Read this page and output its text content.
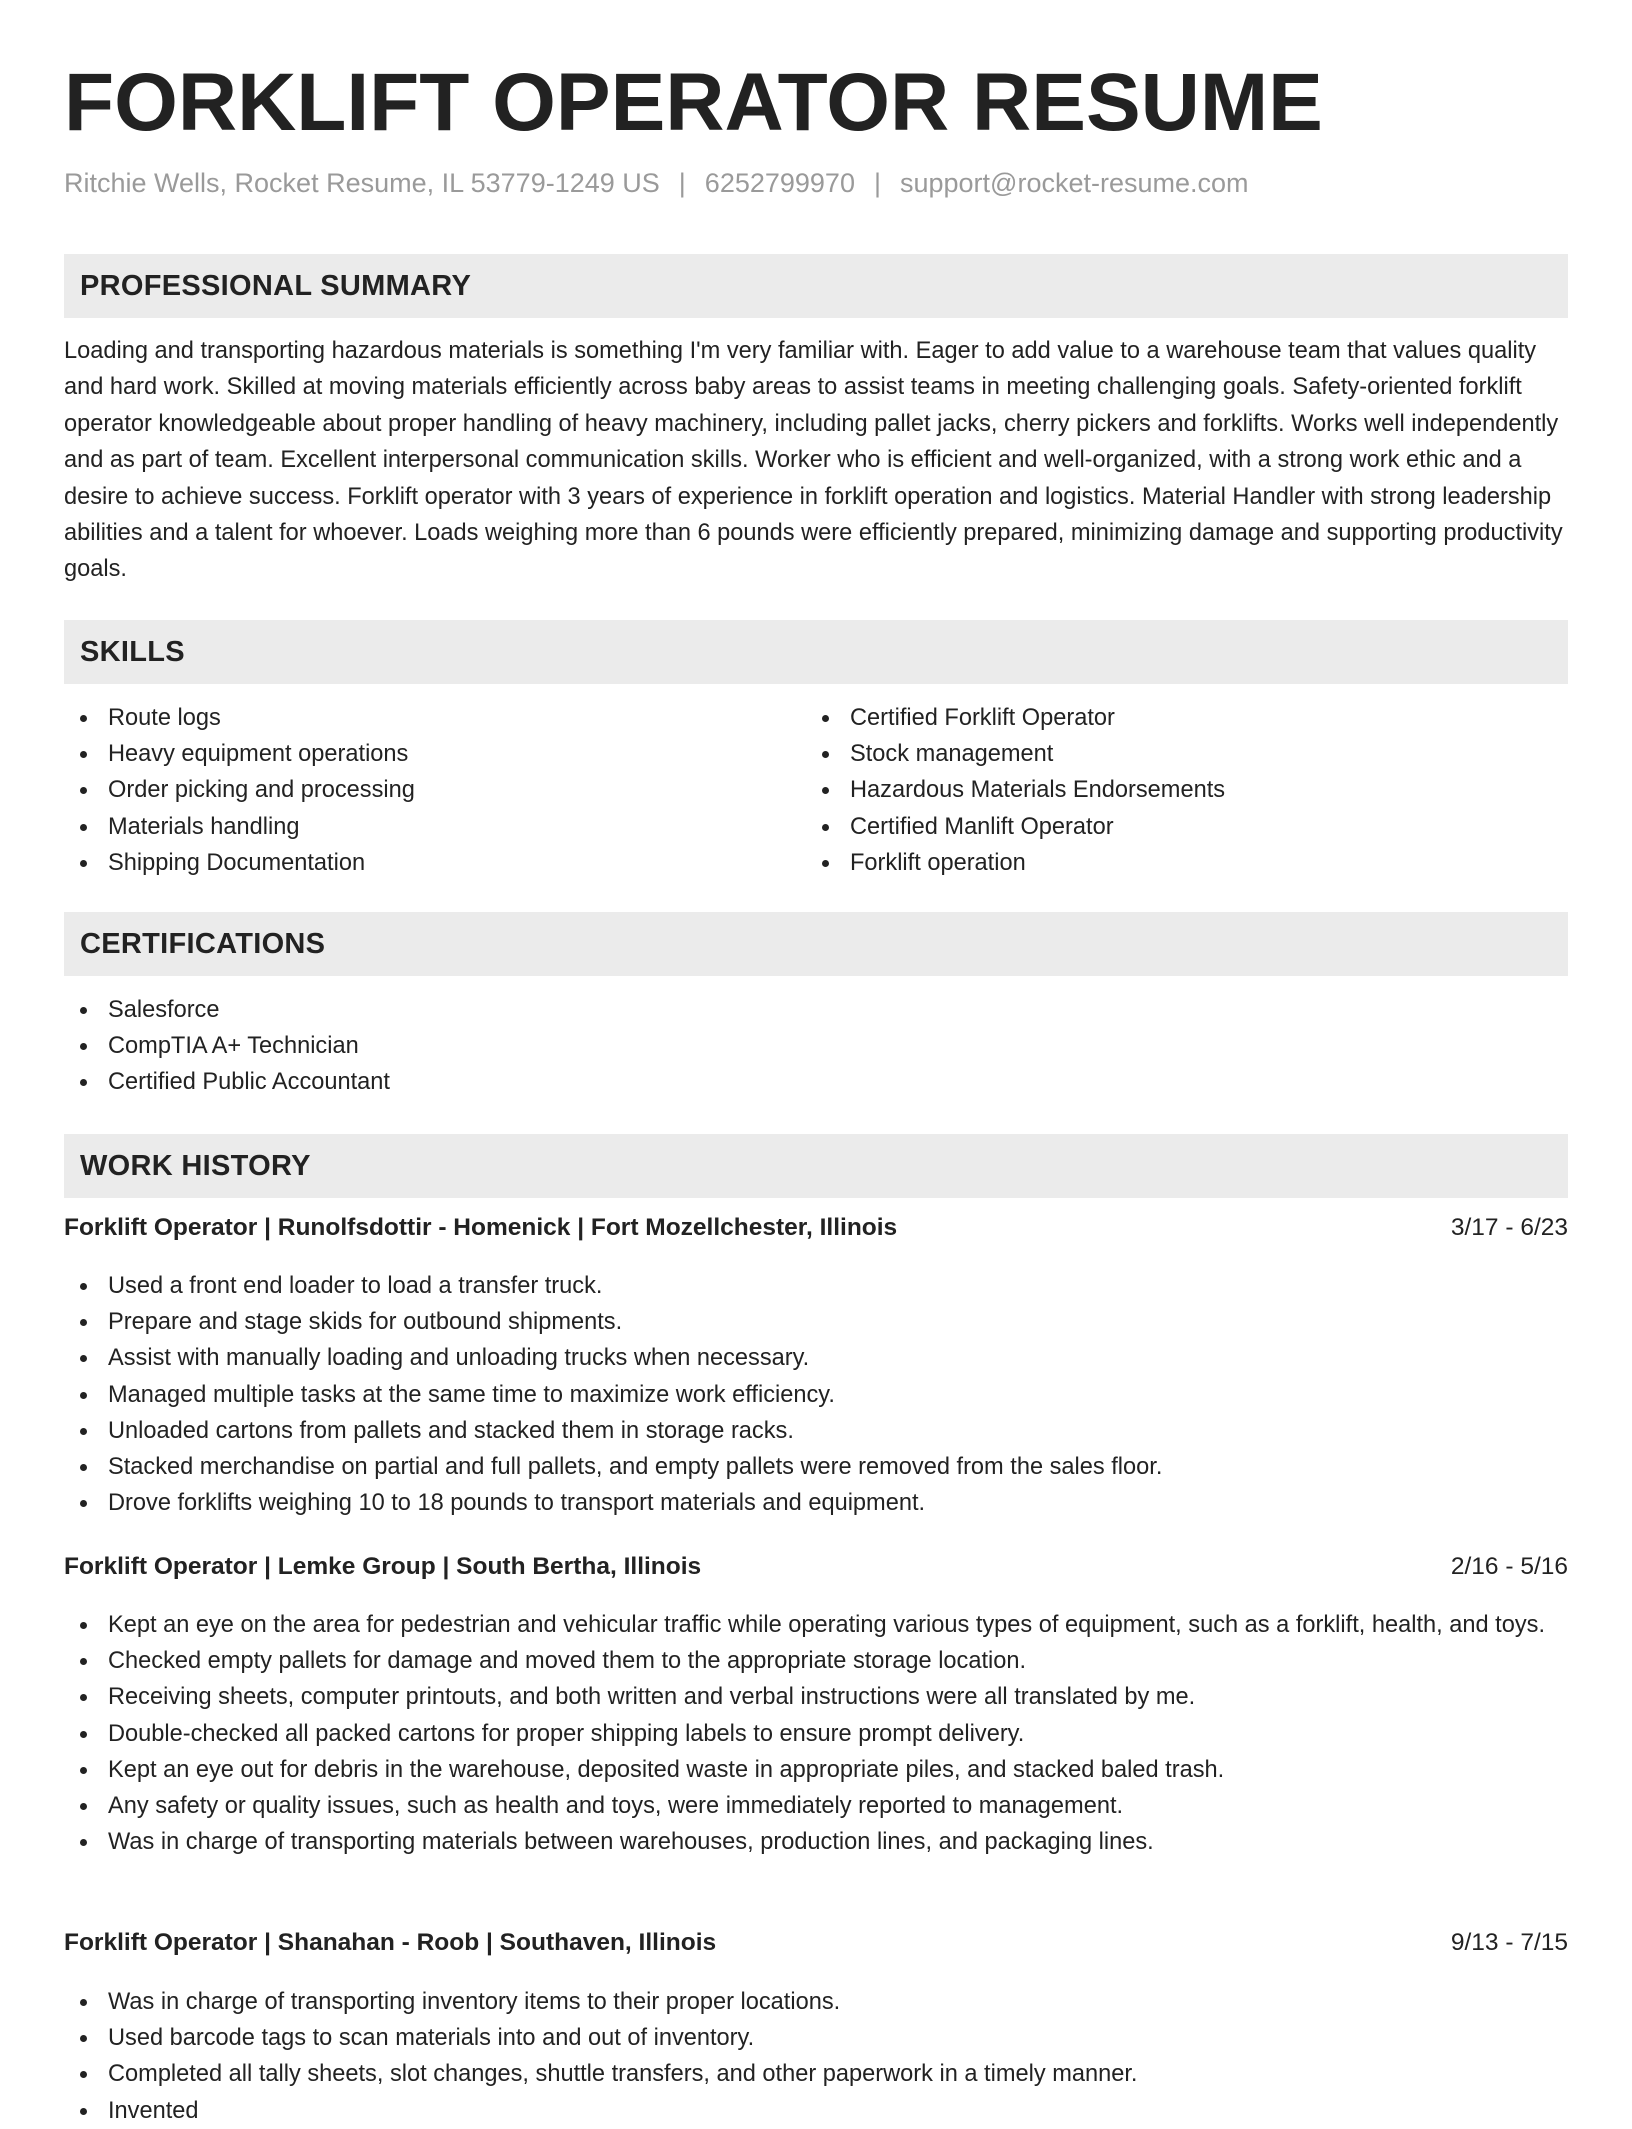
FORKLIFT OPERATOR RESUME
Ritchie Wells, Rocket Resume, IL 53779-1249 US | 6252799970 | support@rocket-resume.com
PROFESSIONAL SUMMARY

Loading and transporting hazardous materials is something I'm very familiar with. Eager to add value to a warehouse team that values quality and hard work. Skilled at moving materials efficiently across baby areas to assist teams in meeting challenging goals. Safety-oriented forklift operator knowledgeable about proper handling of heavy machinery, including pallet jacks, cherry pickers and forklifts. Works well independently and as part of team. Excellent interpersonal communication skills. Worker who is efficient and well-organized, with a strong work ethic and a desire to achieve success. Forklift operator with 3 years of experience in forklift operation and logistics. Material Handler with strong leadership abilities and a talent for whoever. Loads weighing more than 6 pounds were efficiently prepared, minimizing damage and supporting productivity goals.

SKILLS
Route logs
Heavy equipment operations
Order picking and processing
Materials handling
Shipping Documentation
Certified Forklift Operator
Stock management
Hazardous Materials Endorsements
Certified Manlift Operator
Forklift operation
CERTIFICATIONS
Salesforce
CompTIA A+ Technician
Certified Public Accountant
WORK HISTORY
Forklift Operator | Runolfsdottir - Homenick | Fort Mozellchester, Illinois	3/17 - 6/23
Used a front end loader to load a transfer truck.
Prepare and stage skids for outbound shipments.
Assist with manually loading and unloading trucks when necessary.
Managed multiple tasks at the same time to maximize work efficiency.
Unloaded cartons from pallets and stacked them in storage racks.
Stacked merchandise on partial and full pallets, and empty pallets were removed from the sales floor.
Drove forklifts weighing 10 to 18 pounds to transport materials and equipment.
Forklift Operator | Lemke Group | South Bertha, Illinois	2/16 - 5/16
Kept an eye on the area for pedestrian and vehicular traffic while operating various types of equipment, such as a forklift, health, and toys.
Checked empty pallets for damage and moved them to the appropriate storage location.
Receiving sheets, computer printouts, and both written and verbal instructions were all translated by me.
Double-checked all packed cartons for proper shipping labels to ensure prompt delivery.
Kept an eye out for debris in the warehouse, deposited waste in appropriate piles, and stacked baled trash.
Any safety or quality issues, such as health and toys, were immediately reported to management.
Was in charge of transporting materials between warehouses, production lines, and packaging lines.
Forklift Operator | Shanahan - Roob | Southaven, Illinois	9/13 - 7/15
Was in charge of transporting inventory items to their proper locations.
Used barcode tags to scan materials into and out of inventory.
Completed all tally sheets, slot changes, shuttle transfers, and other paperwork in a timely manner.
Invented
